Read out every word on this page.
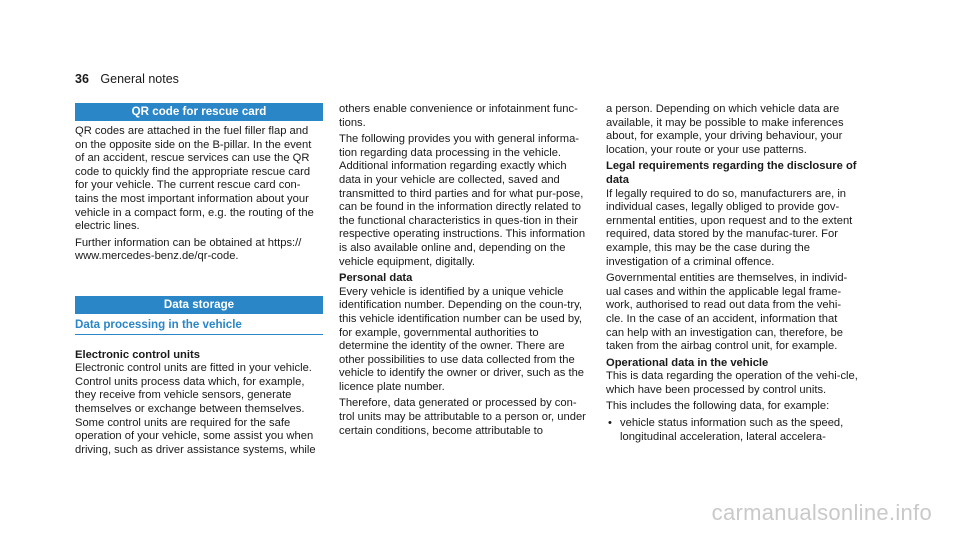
36 General notes
QR code for rescue card

QR codes are attached in the fuel filler flap and on the opposite side on the B-pillar. In the event of an accident, rescue services can use the QR code to quickly find the appropriate rescue card for your vehicle. The current rescue card con-tains the most important information about your vehicle in a compact form, e.g. the routing of the electric lines.

Further information can be obtained at https:// www.mercedes-benz.de/qr-code.

Data storage
Data processing in the vehicle
Electronic control units

Electronic control units are fitted in your vehicle. Control units process data which, for example, they receive from vehicle sensors, generate themselves or exchange between themselves. Some control units are required for the safe operation of your vehicle, some assist you when driving, such as driver assistance systems, while

others enable convenience or infotainment func-tions.

The following provides you with general informa-tion regarding data processing in the vehicle. Additional information regarding exactly which data in your vehicle are collected, saved and transmitted to third parties and for what pur-pose, can be found in the information directly related to the functional characteristics in ques-tion in their respective operating instructions. This information is also available online and, depending on the vehicle equipment, digitally.

Personal data

Every vehicle is identified by a unique vehicle identification number. Depending on the coun-try, this vehicle identification number can be used by, for example, governmental authorities to determine the identity of the owner. There are other possibilities to use data collected from the vehicle to identify the owner or driver, such as the licence plate number.

Therefore, data generated or processed by con-trol units may be attributable to a person or, under certain conditions, become attributable to

a person. Depending on which vehicle data are available, it may be possible to make inferences about, for example, your driving behaviour, your location, your route or your use patterns.

Legal requirements regarding the disclosure of data

If legally required to do so, manufacturers are, in individual cases, legally obliged to provide gov-ernmental entities, upon request and to the extent required, data stored by the manufac-turer. For example, this may be the case during the investigation of a criminal offence.

Governmental entities are themselves, in individ-ual cases and within the applicable legal frame-work, authorised to read out data from the vehi-cle. In the case of an accident, information that can help with an investigation can, therefore, be taken from the airbag control unit, for example.

Operational data in the vehicle

This is data regarding the operation of the vehi-cle, which have been processed by control units.

This includes the following data, for example:

• vehicle status information such as the speed, longitudinal acceleration, lateral accelera-
carmanualsonline.info
